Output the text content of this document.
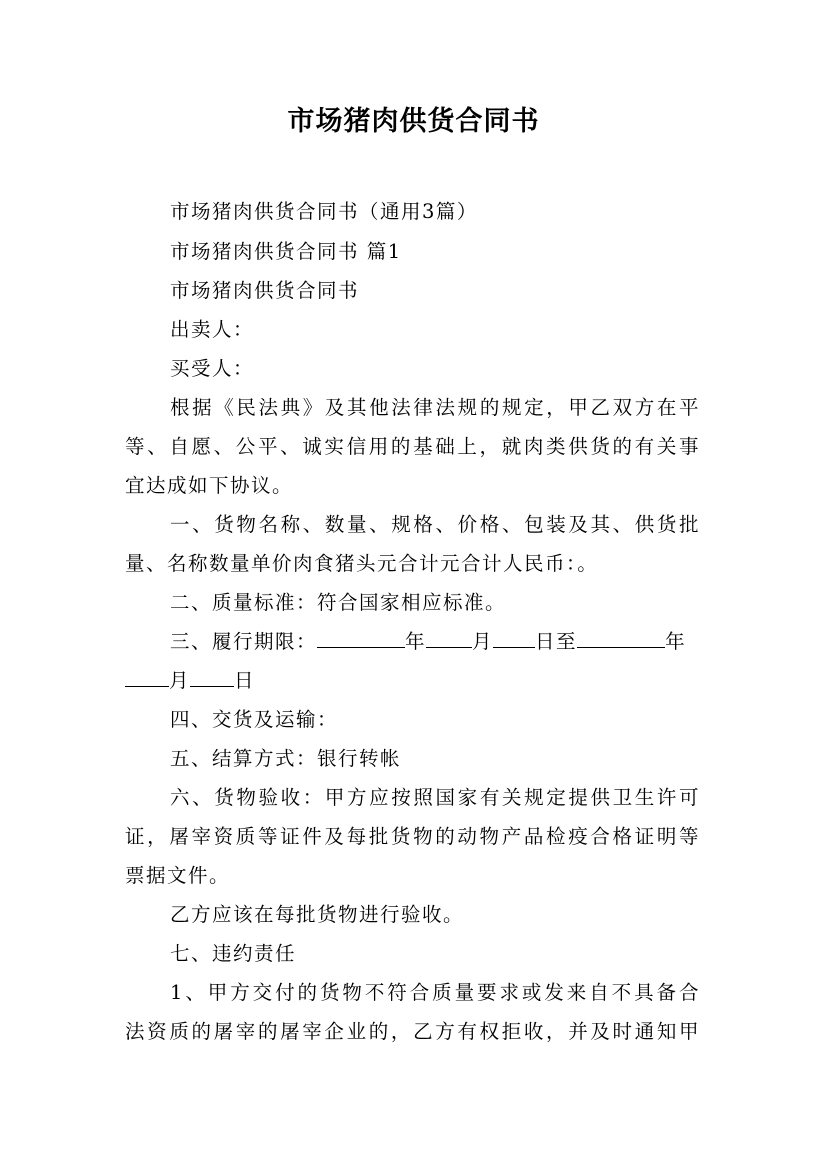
市场猪肉供货合同书
市场猪肉供货合同书（通用3篇）
市场猪肉供货合同书 篇1
市场猪肉供货合同书
出卖人：
买受人：
根据《民法典》及其他法律法规的规定，甲乙双方在平
等、自愿、公平、诚实信用的基础上，就肉类供货的有关事
宜达成如下协议。
一、货物名称、数量、规格、价格、包装及其、供货批
量、名称数量单价肉食猪头元合计元合计人民币：。
二、质量标准：符合国家相应标准。
三、履行期限：	年 月 日至	年
月 日
四、交货及运输：
五、结算方式：银行转帐
六、货物验收：甲方应按照国家有关规定提供卫生许可
证，屠宰资质等证件及每批货物的动物产品检疫合格证明等
票据文件。
乙方应该在每批货物进行验收。
七、违约责任
1、甲方交付的货物不符合质量要求或发来自不具备合
法资质的屠宰的屠宰企业的，乙方有权拒收，并及时通知甲
